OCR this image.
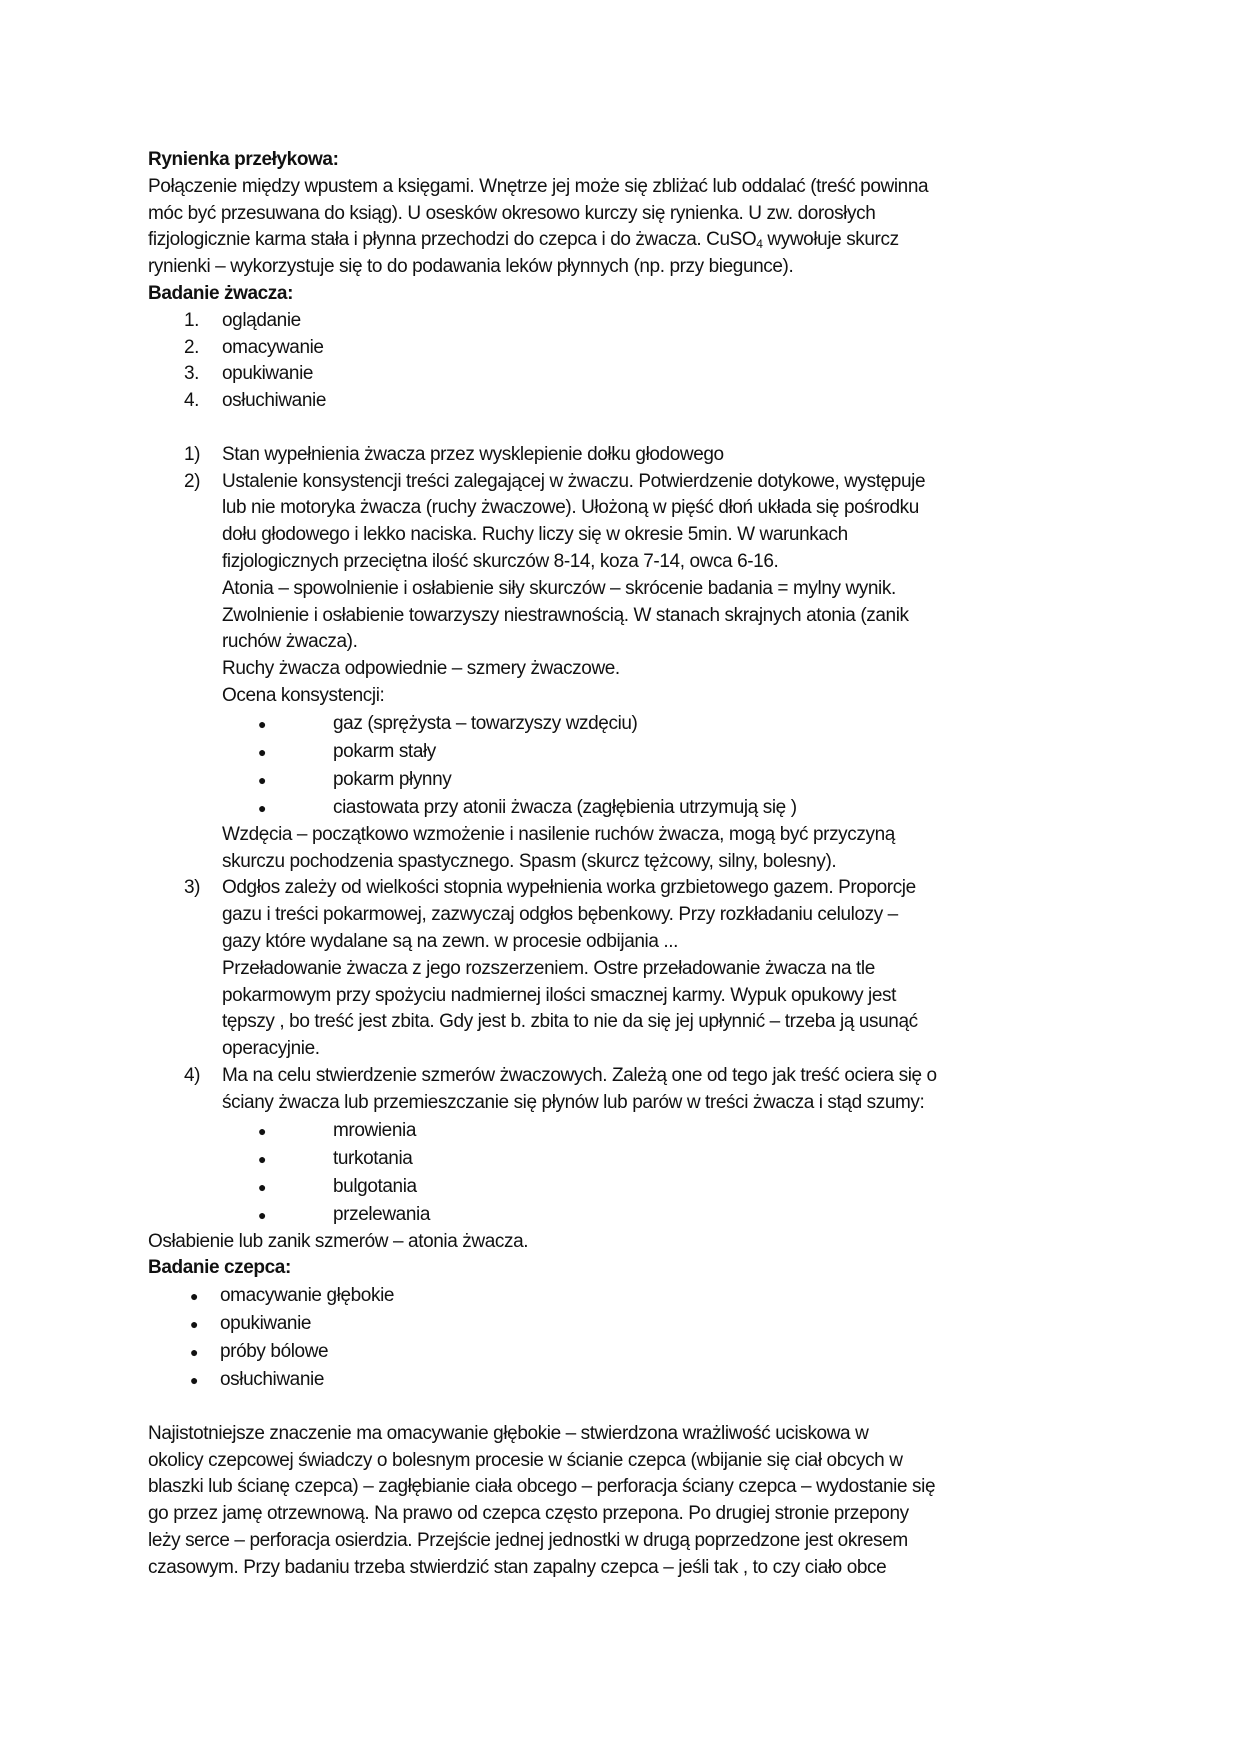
Rynienka przełykowa:
Połączenie między wpustem a księgami. Wnętrze jej może się zbliżać lub oddalać (treść powinna
móc być przesuwana do ksiąg). U osesków okresowo kurczy się rynienka. U zw. dorosłych
fizjologicznie karma stała i płynna przechodzi do czepca i do żwacza. CuSO$_4$ wywołuje skurcz
rynienki – wykorzystuje się to do podawania leków płynnych (np. przy biegunce).
Badanie żwacza:
1.	oglądanie
2.	omacywanie
3.	opukiwanie
4.	osłuchiwanie
1)	Stan wypełnienia żwacza przez wysklepienie dołku głodowego
2)	Ustalenie konsystencji treści zalegającej w żwaczu. Potwierdzenie dotykowe, występuje
lub nie motoryka żwacza (ruchy żwaczowe). Ułożoną w pięść dłoń układa się pośrodku
dołu głodowego i lekko naciska. Ruchy liczy się w okresie 5min. W warunkach
fizjologicznych przeciętna ilość skurczów 8-14, koza 7-14, owca 6-16.
Atonia – spowolnienie i osłabienie siły skurczów – skrócenie badania = mylny wynik.
Zwolnienie i osłabienie towarzyszy niestrawnością. W stanach skrajnych atonia (zanik
ruchów żwacza).
Ruchy żwacza odpowiednie – szmery żwaczowe.
Ocena konsystencji:
●	gaz (sprężysta – towarzyszy wzdęciu)
●	pokarm stały
●	pokarm płynny
●	ciastowata przy atonii żwacza (zagłębienia utrzymują się )
Wzdęcia – początkowo wzmożenie i nasilenie ruchów żwacza, mogą być przyczyną
skurczu pochodzenia spastycznego. Spasm (skurcz tężcowy, silny, bolesny).
3)	Odgłos zależy od wielkości stopnia wypełnienia worka grzbietowego gazem. Proporcje
gazu i treści pokarmowej, zazwyczaj odgłos bębenkowy. Przy rozkładaniu celulozy –
gazy które wydalane są na zewn. w procesie odbijania ...
Przeładowanie żwacza z jego rozszerzeniem. Ostre przeładowanie żwacza na tle
pokarmowym przy spożyciu nadmiernej ilości smacznej karmy. Wypuk opukowy jest
tępszy , bo treść jest zbita. Gdy jest b. zbita to nie da się jej upłynnić – trzeba ją usunąć
operacyjnie.
4)	Ma na celu stwierdzenie szmerów żwaczowych. Zależą one od tego jak treść ociera się o
ściany żwacza lub przemieszczanie się płynów lub parów w treści żwacza i stąd szumy:
●	mrowienia
●	turkotania
●	bulgotania
●	przelewania
Osłabienie lub zanik szmerów – atonia żwacza.
Badanie czepca:
●	omacywanie głębokie
●	opukiwanie
●	próby bólowe
●	osłuchiwanie
Najistotniejsze znaczenie ma omacywanie głębokie – stwierdzona wrażliwość uciskowa w
okolicy czepcowej świadczy o bolesnym procesie w ścianie czepca (wbijanie się ciał obcych w
blaszki lub ścianę czepca) – zagłębianie ciała obcego – perforacja ściany czepca – wydostanie się
go przez jamę otrzewnową. Na prawo od czepca często przepona. Po drugiej stronie przepony
leży serce – perforacja osierdzia. Przejście jednej jednostki w drugą poprzedzone jest okresem
czasowym. Przy badaniu trzeba stwierdzić stan zapalny czepca – jeśli tak , to czy ciało obce
